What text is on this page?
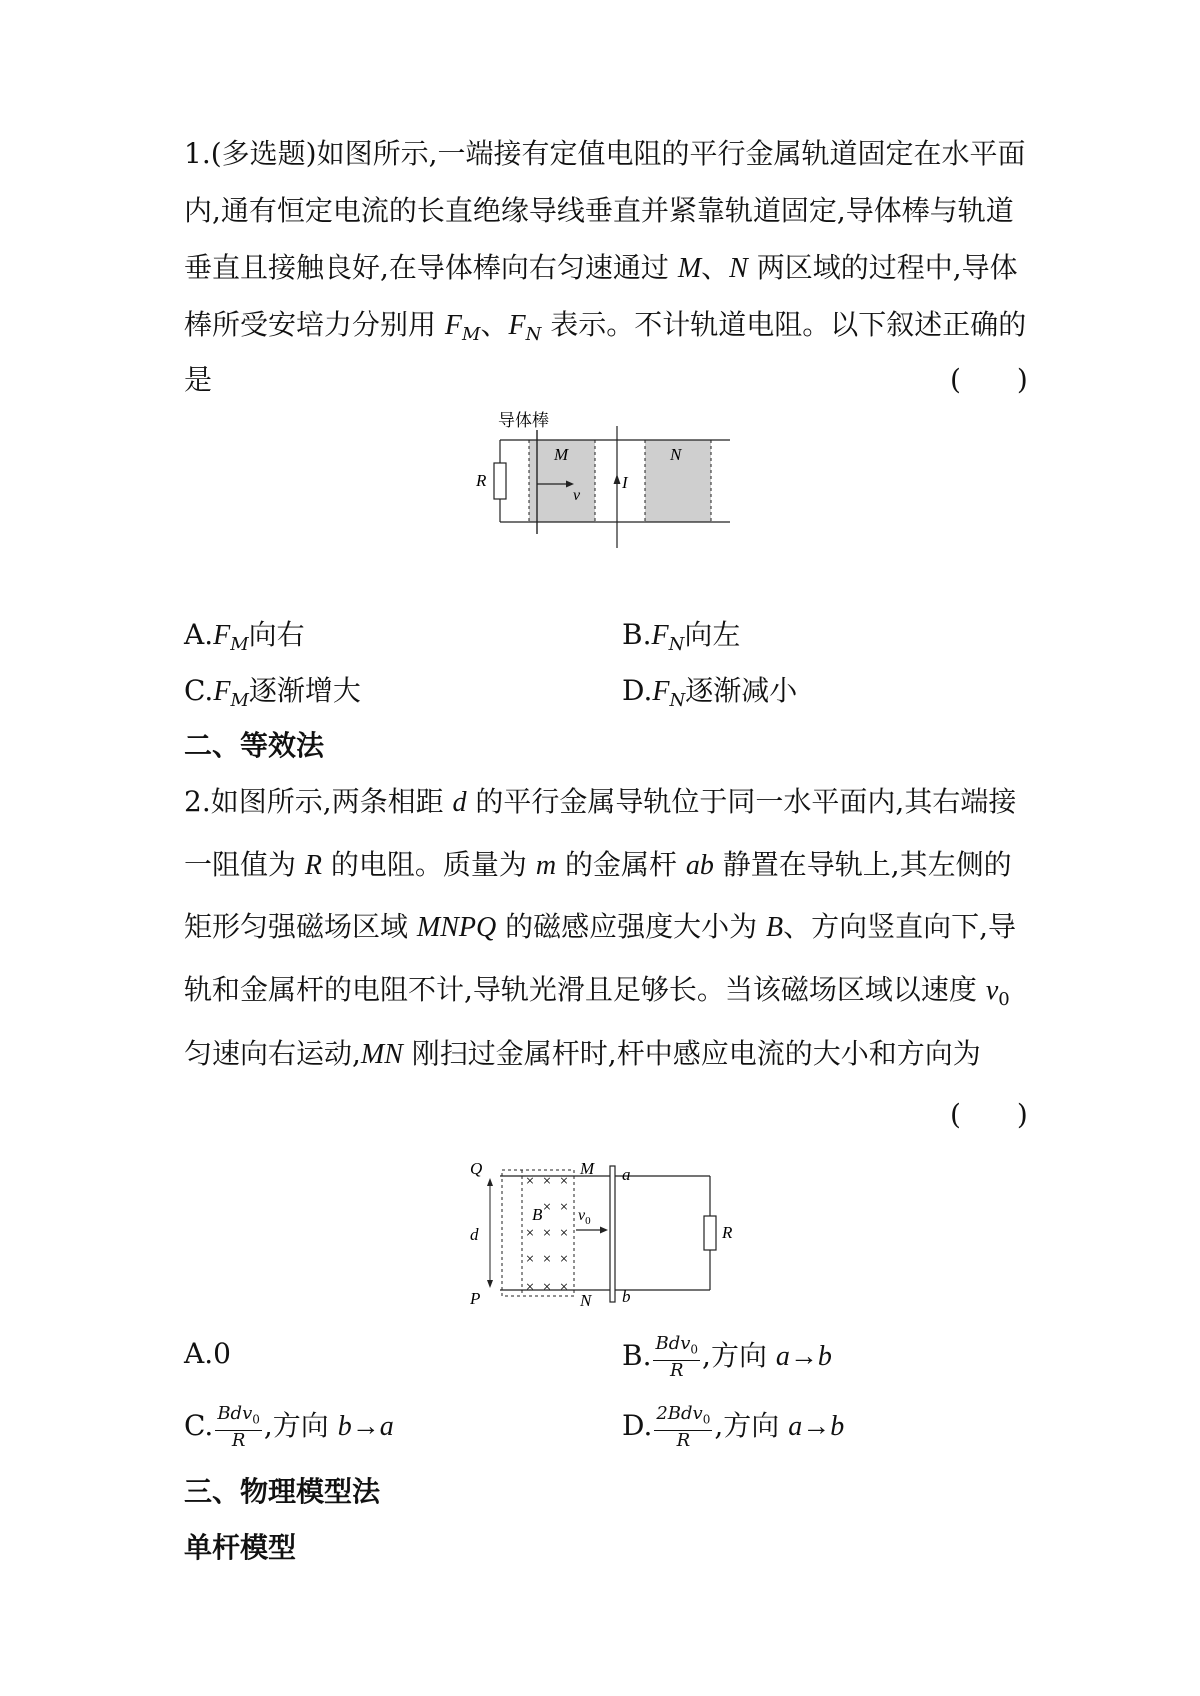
1.(多选题)如图所示,一端接有定值电阻的平行金属轨道固定在水平面
内,通有恒定电流的长直绝缘导线垂直并紧靠轨道固定,导体棒与轨道
垂直且接触良好,在导体棒向右匀速通过 M、N 两区域的过程中,导体
棒所受安培力分别用 $F_M$、$F_N$ 表示。不计轨道电阻。以下叙述正确的
是	(　　)
导体棒
R
M	N
v
I
$A.F_M$向右	$B.F_N$向左
$C.F_M$逐渐增大	$D.F_N$逐渐减小
二、等效法
2.如图所示,两条相距 d 的平行金属导轨位于同一水平面内,其右端接
一阻值为 R 的电阻。质量为 m 的金属杆 ab 静置在导轨上,其左侧的
矩形匀强磁场区域 MNPQ 的磁感应强度大小为 B、方向竖直向下,导
轨和金属杆的电阻不计,导轨光滑且足够长。当该磁场区域以速度 $v_0$
匀速向右运动,MN 刚扫过金属杆时,杆中感应电流的大小和方向为
(　　)
× × ×
× ×
× × ×
× × ×
× × ×
Q	M a
B $v_0$
d	R
P	N b
A.0	B. $\frac{Bdv_0}{R}$ ,方向 a→b
C. $\frac{Bdv_0}{R}$ ,方向 b→a	D. $\frac{2Bdv_0}{R}$ ,方向 a→b
三、物理模型法
单杆模型
